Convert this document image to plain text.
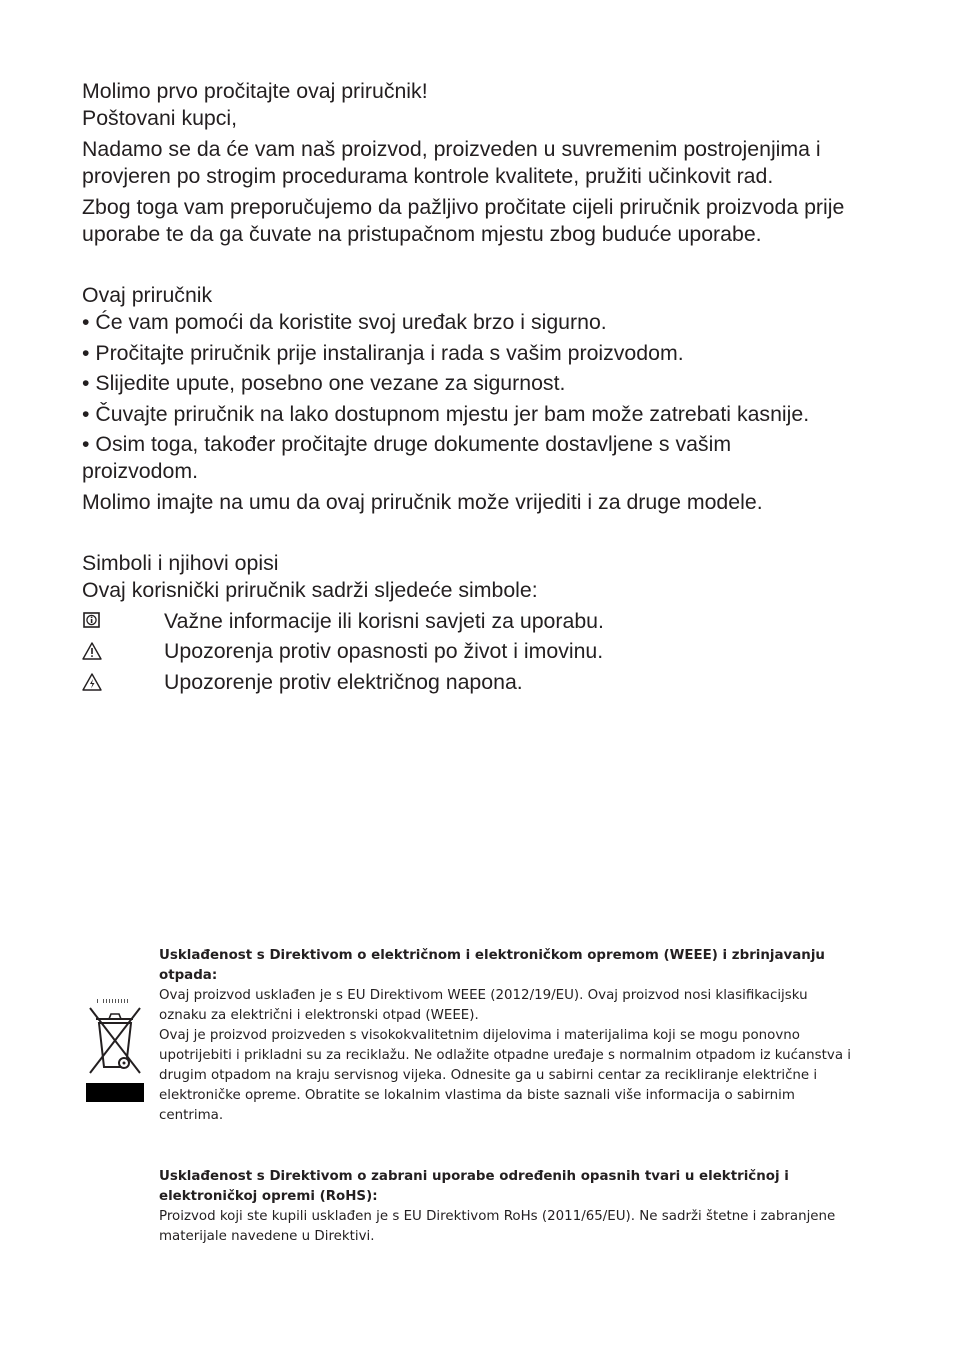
Molimo prvo pročitajte ovaj priručnik!

Poštovani kupci,

Nadamo se da će vam naš proizvod, proizveden u suvremenim postrojenjima i provjeren po strogim procedurama kontrole kvalitete, pružiti učinkovit rad.

Zbog toga vam preporučujemo da pažljivo pročitate cijeli priručnik proizvoda prije uporabe te da ga čuvate na pristupačnom mjestu zbog buduće uporabe.

Ovaj priručnik

• Će vam pomoći da koristite svoj uređak brzo i sigurno.

• Pročitajte priručnik prije instaliranja i rada s vašim proizvodom.

• Slijedite upute, posebno one vezane za sigurnost.

• Čuvajte priručnik na lako dostupnom mjestu jer bam može zatrebati kasnije.

• Osim toga, također pročitajte druge dokumente dostavljene s vašim proizvodom.

Molimo imajte na umu da ovaj priručnik može vrijediti i za druge modele.

Simboli i njihovi opisi

Ovaj korisnički priručnik sadrži sljedeće simbole:

Važne informacije ili korisni savjeti za uporabu.
Upozorenja protiv opasnosti po život i imovinu.
Upozorenje protiv električnog napona.

Usklađenost s Direktivom o električnom i elektroničkom opremom (WEEE) i zbrinjavanju otpada:

Ovaj proizvod usklađen je s EU Direktivom WEEE (2012/19/EU). Ovaj proizvod nosi klasifikacijsku oznaku za električni i elektronski otpad (WEEE).

Ovaj je proizvod proizveden s visokokvalitetnim dijelovima i materijalima koji se mogu ponovno upotrijebiti i prikladni su za reciklažu. Ne odlažite otpadne uređaje s normalnim otpadom iz kućanstva i drugim otpadom na kraju servisnog vijeka. Odnesite ga u sabirni centar za recikliranje električne i elektroničke opreme. Obratite se lokalnim vlastima da biste saznali više informacija o sabirnim centrima.

Usklađenost s Direktivom o zabrani uporabe određenih opasnih tvari u električnoj i elektroničkoj opremi (RoHS):

Proizvod koji ste kupili usklađen je s EU Direktivom RoHs (2011/65/EU). Ne sadrži štetne i zabranjene materijale navedene u Direktivi.
